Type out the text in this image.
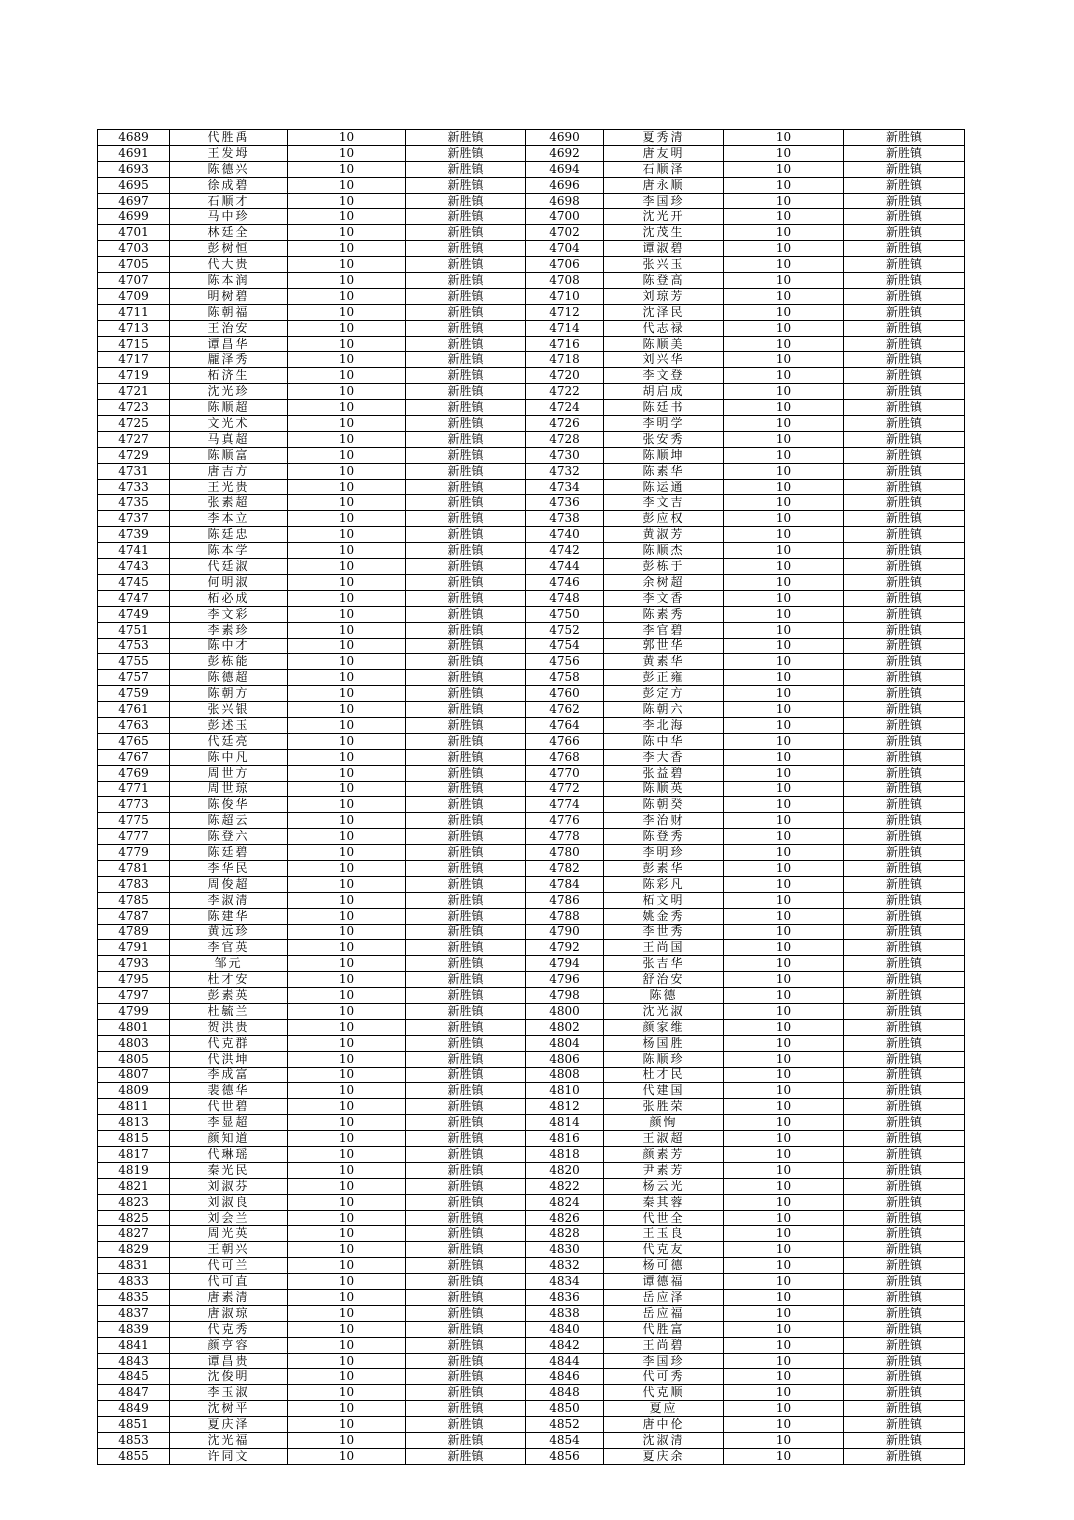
4689	代胜禹	10	新胜镇	4690	夏秀清	10	新胜镇
4691	王发坶	10	新胜镇	4692	唐友明	10	新胜镇
4693	陈德兴	10	新胜镇	4694	石顺泽	10	新胜镇
4695	徐成碧	10	新胜镇	4696	唐永顺	10	新胜镇
4697	石顺才	10	新胜镇	4698	李国珍	10	新胜镇
4699	马中珍	10	新胜镇	4700	沈光开	10	新胜镇
4701	林廷全	10	新胜镇	4702	沈茂生	10	新胜镇
4703	彭树恒	10	新胜镇	4704	谭淑碧	10	新胜镇
4705	代大贵	10	新胜镇	4706	张兴玉	10	新胜镇
4707	陈本润	10	新胜镇	4708	陈登高	10	新胜镇
4709	明树碧	10	新胜镇	4710	刘琼芳	10	新胜镇
4711	陈朝福	10	新胜镇	4712	沈泽民	10	新胜镇
4713	王治安	10	新胜镇	4714	代志禄	10	新胜镇
4715	谭昌华	10	新胜镇	4716	陈顺美	10	新胜镇
4717	龎泽秀	10	新胜镇	4718	刘兴华	10	新胜镇
4719	柘济生	10	新胜镇	4720	李文登	10	新胜镇
4721	沈光珍	10	新胜镇	4722	胡启成	10	新胜镇
4723	陈顺超	10	新胜镇	4724	陈廷书	10	新胜镇
4725	文光术	10	新胜镇	4726	李明学	10	新胜镇
4727	马真超	10	新胜镇	4728	张安秀	10	新胜镇
4729	陈顺富	10	新胜镇	4730	陈顺坤	10	新胜镇
4731	唐吉方	10	新胜镇	4732	陈素华	10	新胜镇
4733	王光贵	10	新胜镇	4734	陈运通	10	新胜镇
4735	张素超	10	新胜镇	4736	李文吉	10	新胜镇
4737	李本立	10	新胜镇	4738	彭应权	10	新胜镇
4739	陈廷忠	10	新胜镇	4740	黄淑芳	10	新胜镇
4741	陈本学	10	新胜镇	4742	陈顺杰	10	新胜镇
4743	代廷淑	10	新胜镇	4744	彭栋于	10	新胜镇
4745	何明淑	10	新胜镇	4746	余树超	10	新胜镇
4747	柘必成	10	新胜镇	4748	李文香	10	新胜镇
4749	李文彩	10	新胜镇	4750	陈素秀	10	新胜镇
4751	李素珍	10	新胜镇	4752	李官碧	10	新胜镇
4753	陈中才	10	新胜镇	4754	郭世华	10	新胜镇
4755	彭栋能	10	新胜镇	4756	黄素华	10	新胜镇
4757	陈德超	10	新胜镇	4758	彭正雍	10	新胜镇
4759	陈朝方	10	新胜镇	4760	彭定方	10	新胜镇
4761	张兴银	10	新胜镇	4762	陈朝六	10	新胜镇
4763	彭述玉	10	新胜镇	4764	李北海	10	新胜镇
4765	代廷亮	10	新胜镇	4766	陈中华	10	新胜镇
4767	陈中凡	10	新胜镇	4768	李大香	10	新胜镇
4769	周世方	10	新胜镇	4770	张益碧	10	新胜镇
4771	周世琼	10	新胜镇	4772	陈顺英	10	新胜镇
4773	陈俊华	10	新胜镇	4774	陈朝癸	10	新胜镇
4775	陈超云	10	新胜镇	4776	李治财	10	新胜镇
4777	陈登六	10	新胜镇	4778	陈登秀	10	新胜镇
4779	陈廷碧	10	新胜镇	4780	李明珍	10	新胜镇
4781	李华民	10	新胜镇	4782	彭素华	10	新胜镇
4783	周俊超	10	新胜镇	4784	陈彩凡	10	新胜镇
4785	李淑清	10	新胜镇	4786	柘文明	10	新胜镇
4787	陈建华	10	新胜镇	4788	姚金秀	10	新胜镇
4789	黄远珍	10	新胜镇	4790	李世秀	10	新胜镇
4791	李官英	10	新胜镇	4792	王尚国	10	新胜镇
4793	邹元	10	新胜镇	4794	张吉华	10	新胜镇
4795	杜才安	10	新胜镇	4796	舒治安	10	新胜镇
4797	彭素英	10	新胜镇	4798	陈德	10	新胜镇
4799	杜毓兰	10	新胜镇	4800	沈光淑	10	新胜镇
4801	贺洪贵	10	新胜镇	4802	颜家维	10	新胜镇
4803	代克群	10	新胜镇	4804	杨国胜	10	新胜镇
4805	代洪坤	10	新胜镇	4806	陈顺珍	10	新胜镇
4807	李成富	10	新胜镇	4808	杜才民	10	新胜镇
4809	裴德华	10	新胜镇	4810	代建国	10	新胜镇
4811	代世碧	10	新胜镇	4812	张胜荣	10	新胜镇
4813	李显超	10	新胜镇	4814	颜恂	10	新胜镇
4815	颜知道	10	新胜镇	4816	王淑超	10	新胜镇
4817	代琳瑶	10	新胜镇	4818	颜素芳	10	新胜镇
4819	秦光民	10	新胜镇	4820	尹素芳	10	新胜镇
4821	刘淑芬	10	新胜镇	4822	杨云光	10	新胜镇
4823	刘淑良	10	新胜镇	4824	秦其蓉	10	新胜镇
4825	刘会兰	10	新胜镇	4826	代世全	10	新胜镇
4827	周光英	10	新胜镇	4828	王玉良	10	新胜镇
4829	王朝兴	10	新胜镇	4830	代克友	10	新胜镇
4831	代可兰	10	新胜镇	4832	杨可德	10	新胜镇
4833	代可直	10	新胜镇	4834	谭德福	10	新胜镇
4835	唐素清	10	新胜镇	4836	岳应泽	10	新胜镇
4837	唐淑琼	10	新胜镇	4838	岳应福	10	新胜镇
4839	代克秀	10	新胜镇	4840	代胜富	10	新胜镇
4841	颜亨容	10	新胜镇	4842	王尚碧	10	新胜镇
4843	谭昌贵	10	新胜镇	4844	李国珍	10	新胜镇
4845	沈俊明	10	新胜镇	4846	代可秀	10	新胜镇
4847	李玉淑	10	新胜镇	4848	代克顺	10	新胜镇
4849	沈树平	10	新胜镇	4850	夏应	10	新胜镇
4851	夏庆泽	10	新胜镇	4852	唐中伦	10	新胜镇
4853	沈光福	10	新胜镇	4854	沈淑清	10	新胜镇
4855	许同文	10	新胜镇	4856	夏庆余	10	新胜镇
